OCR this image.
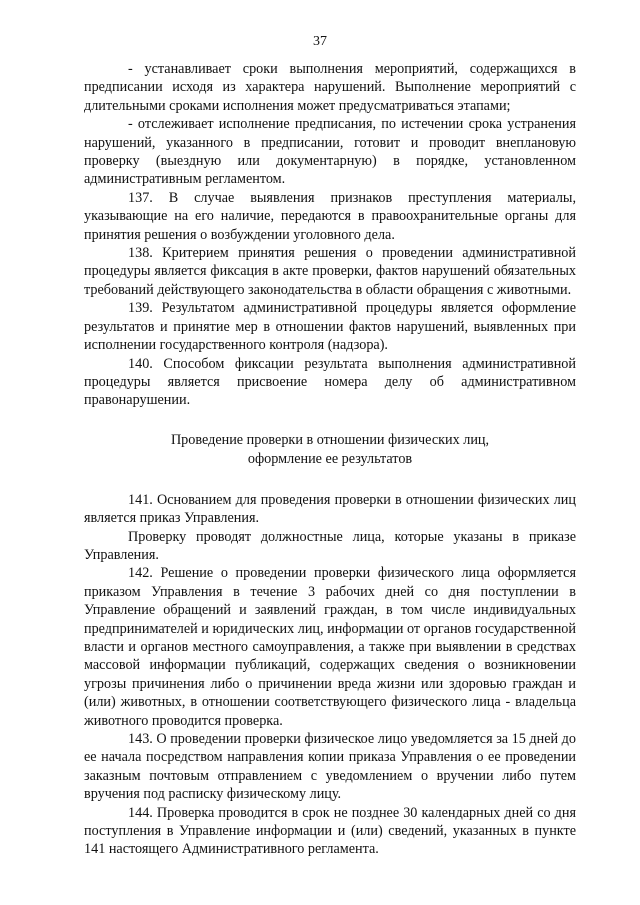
37

- устанавливает сроки выполнения мероприятий, содержащихся в предписании исходя из характера нарушений. Выполнение мероприятий с длительными сроками исполнения может предусматриваться этапами;

- отслеживает исполнение предписания, по истечении срока устранения нарушений, указанного в предписании, готовит и проводит внеплановую проверку (выездную или документарную) в порядке, установленном административным регламентом.

137. В случае выявления признаков преступления материалы, указывающие на его наличие, передаются в правоохранительные органы для принятия решения о возбуждении уголовного дела.

138. Критерием принятия решения о проведении административной процедуры является фиксация в акте проверки, фактов нарушений обязательных требований действующего законодательства в области обращения с животными.

139. Результатом административной процедуры является оформление результатов и принятие мер в отношении фактов нарушений, выявленных при исполнении государственного контроля (надзора).

140. Способом фиксации результата выполнения административной процедуры является присвоение номера делу об административном правонарушении.

Проведение проверки в отношении физических лиц,
оформление ее результатов

141. Основанием для проведения проверки в отношении физических лиц является приказ Управления.

Проверку проводят должностные лица, которые указаны в приказе Управления.

142. Решение о проведении проверки физического лица оформляется приказом Управления в течение 3 рабочих дней со дня поступлении в Управление обращений и заявлений граждан, в том числе индивидуальных предпринимателей и юридических лиц, информации от органов государственной власти и органов местного самоуправления, а также при выявлении в средствах массовой информации публикаций, содержащих сведения о возникновении угрозы причинения либо о причинении вреда жизни или здоровью граждан и (или) животных, в отношении соответствующего физического лица - владельца животного проводится проверка.

143. О проведении проверки физическое лицо уведомляется за 15 дней до ее начала посредством направления копии приказа Управления о ее проведении заказным почтовым отправлением с уведомлением о вручении либо путем вручения под расписку физическому лицу.

144. Проверка проводится в срок не позднее 30 календарных дней со дня поступления в Управление информации и (или) сведений, указанных в пункте 141 настоящего Административного регламента.
